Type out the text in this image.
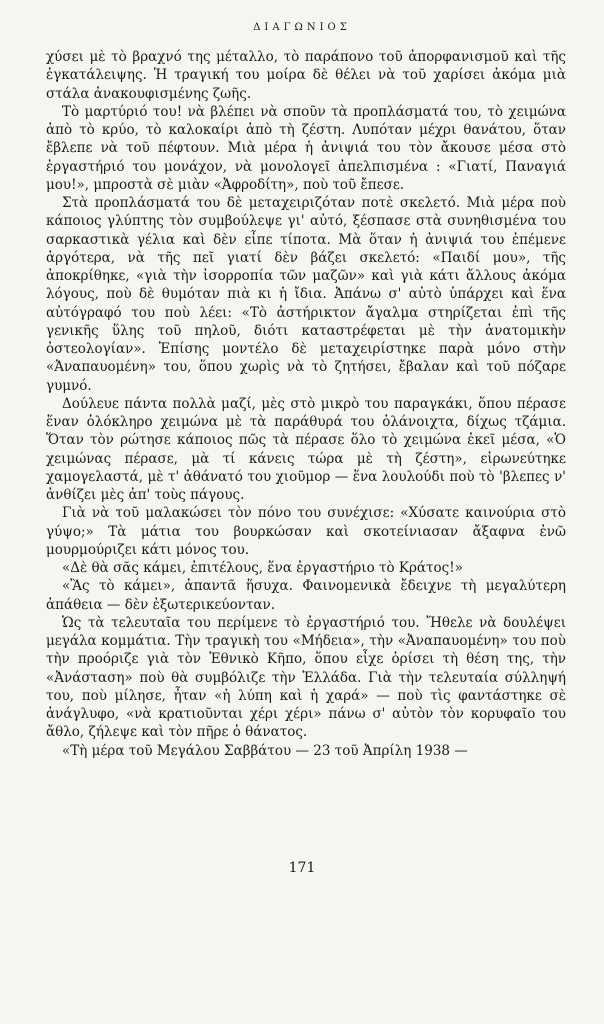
ΔΙΑΓΩΝΙΟΣ

χύσει μὲ τὸ βραχνό της μέταλλο, τὸ παράπονο τοῦ ἀπορφανισμοῦ καὶ τῆς ἐγκατάλειψης. Ἡ τραγική του μοίρα δὲ θέλει νὰ τοῦ χαρίσει ἀκόμα μιὰ στάλα ἀνακουφισμένης ζωῆς.

Τὸ μαρτύριό του! νὰ βλέπει νὰ σποῦν τὰ προπλάσματά του, τὸ χειμώνα ἀπὸ τὸ κρύο, τὸ καλοκαίρι ἀπὸ τὴ ζέστη. Λυπόταν μέχρι θανάτου, ὅταν ἔβλεπε νὰ τοῦ πέφτουν. Μιὰ μέρα ἡ ἀνιψιά του τὸν ἄκουσε μέσα στὸ ἐργαστήριό του μονάχον, νὰ μονολογεῖ ἀπελπισμένα : «Γιατί, Παναγιά μου!», μπροστὰ σὲ μιὰν «Ἀφροδίτη», ποὺ τοῦ ἔπεσε.

Στὰ προπλάσματά του δὲ μεταχειριζόταν ποτὲ σκελετό. Μιὰ μέρα ποὺ κάποιος γλύπτης τὸν συμβούλεψε γι' αὐτό, ξέσπασε στὰ συνηθισμένα του σαρκαστικὰ γέλια καὶ δὲν εἶπε τίποτα. Μὰ ὅταν ἡ ἀνιψιά του ἐπέμενε ἀργότερα, νὰ τῆς πεῖ γιατί δὲν βάζει σκελετό: «Παιδί μου», τῆς ἀποκρίθηκε, «γιὰ τὴν ἰσορροπία τῶν μαζῶν» καὶ γιὰ κάτι ἄλλους ἀκόμα λόγους, ποὺ δὲ θυμόταν πιὰ κι ἡ ἴδια. Ἀπάνω σ' αὐτὸ ὑπάρχει καὶ ἕνα αὐτόγραφό του ποὺ λέει: «Τὸ ἀστήρικτον ἄγαλμα στηρίζεται ἐπὶ τῆς γενικῆς ὕλης τοῦ πηλοῦ, διότι καταστρέφεται μὲ τὴν ἀνατομικὴν ὀστεολογίαν». Ἐπίσης μοντέλο δὲ μεταχειρίστηκε παρὰ μόνο στὴν «Ἀναπαυομένη» του, ὅπου χωρὶς νὰ τὸ ζητήσει, ἔβαλαν καὶ τοῦ πόζαρε γυμνό.

Δούλευε πάντα πολλὰ μαζί, μὲς στὸ μικρὸ του παραγκάκι, ὅπου πέρασε ἕναν ὁλόκληρο χειμώνα μὲ τὰ παράθυρά του ὁλάνοιχτα, δίχως τζάμια. Ὅταν τὸν ρώτησε κάποιος πῶς τὰ πέρασε ὅλο τὸ χειμώνα ἐκεῖ μέσα, «Ὁ χειμώνας πέρασε, μὰ τί κάνεις τώρα μὲ τὴ ζέστη», εἰρωνεύτηκε χαμογελαστά, μὲ τ' ἀθάνατό του χιοῦμορ — ἕνα λουλούδι ποὺ τὸ 'βλεπες ν' ἀνθίζει μὲς ἀπ' τοὺς πάγους.

Γιὰ νὰ τοῦ μαλακώσει τὸν πόνο του συνέχισε: «Χύσατε καινούρια στὸ γύψο;» Τὰ μάτια του βουρκώσαν καὶ σκοτείνιασαν ἄξαφνα ἐνῶ μουρμούριζει κάτι μόνος του.

«Δὲ θὰ σᾶς κάμει, ἐπιτέλους, ἕνα ἐργαστήριο τὸ Κράτος!»

«Ἂς τὸ κάμει», ἀπαντᾶ ἥσυχα. Φαινομενικὰ ἔδειχνε τὴ μεγαλύτερη ἀπάθεια — δὲν ἐξωτερικεύονταν.

Ὡς τὰ τελευταῖα του περίμενε τὸ ἐργαστήριό του. Ἤθελε νὰ δουλέψει μεγάλα κομμάτια. Τὴν τραγικὴ του «Μήδεια», τὴν «Ἀναπαυομένη» του ποὺ τὴν προόριζε γιὰ τὸν Ἐθνικὸ Κῆπο, ὅπου εἶχε ὁρίσει τὴ θέση της, τὴν «Ἀνάσταση» ποὺ θὰ συμβόλιζε τὴν Ἑλλάδα. Γιὰ τὴν τελευταία σύλληψή του, ποὺ μίλησε, ἦταν «ἡ λύπη καὶ ἡ χαρά» — ποὺ τὶς φαντάστηκε σὲ ἀνάγλυφο, «νὰ κρατιοῦνται χέρι χέρι» πάνω σ' αὐτὸν τὸν κορυφαῖο του ἄθλο, ζήλεψε καὶ τὸν πῆρε ὁ θάνατος.

«Τὴ μέρα τοῦ Μεγάλου Σαββάτου — 23 τοῦ Ἀπρίλη 1938 —

171
